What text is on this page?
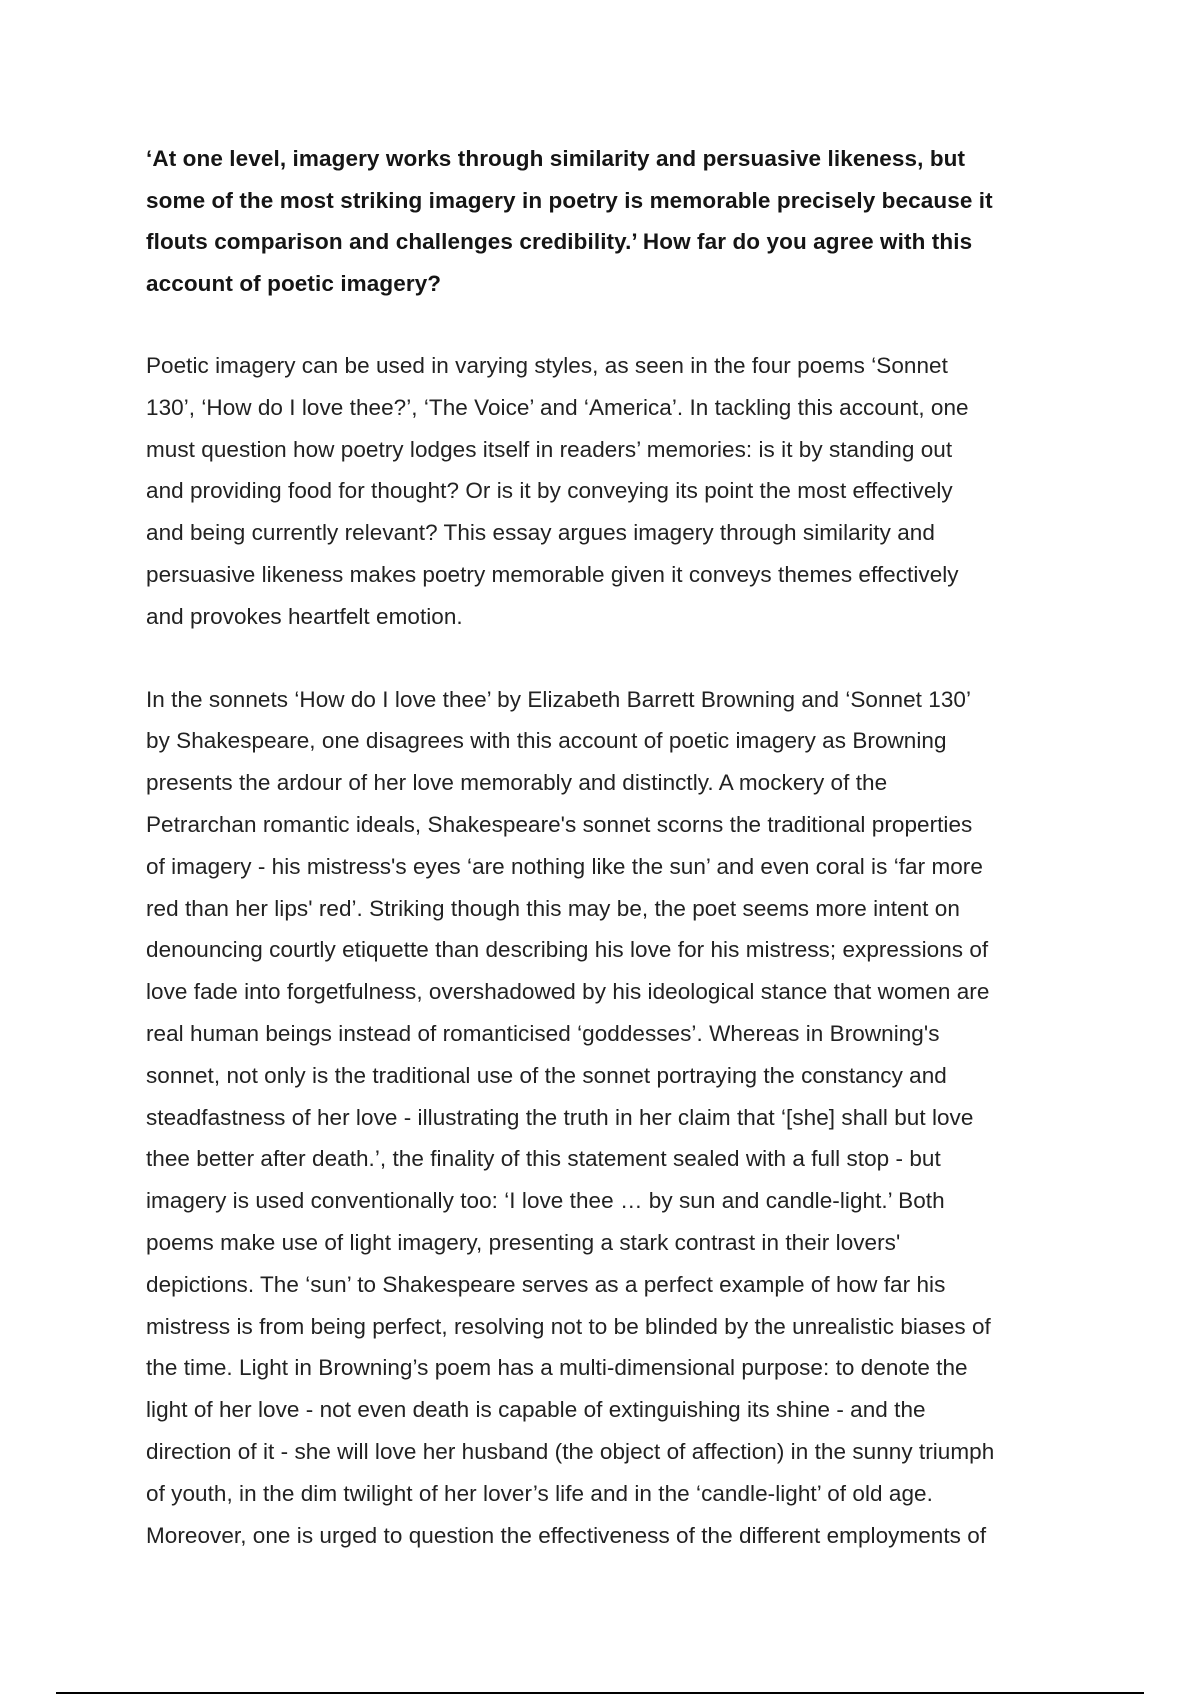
‘At one level, imagery works through similarity and persuasive likeness, but
some of the most striking imagery in poetry is memorable precisely because it
flouts comparison and challenges credibility.’ How far do you agree with this
account of poetic imagery?
Poetic imagery can be used in varying styles, as seen in the four poems ‘Sonnet
130’, ‘How do I love thee?’, ‘The Voice’ and ‘America’. In tackling this account, one
must question how poetry lodges itself in readers’ memories: is it by standing out
and providing food for thought? Or is it by conveying its point the most effectively
and being currently relevant? This essay argues imagery through similarity and
persuasive likeness makes poetry memorable given it conveys themes effectively
and provokes heartfelt emotion.
In the sonnets ‘How do I love thee’ by Elizabeth Barrett Browning and ‘Sonnet 130’
by Shakespeare, one disagrees with this account of poetic imagery as Browning
presents the ardour of her love memorably and distinctly. A mockery of the
Petrarchan romantic ideals, Shakespeare's sonnet scorns the traditional properties
of imagery - his mistress's eyes ‘are nothing like the sun’ and even coral is ‘far more
red than her lips' red’. Striking though this may be, the poet seems more intent on
denouncing courtly etiquette than describing his love for his mistress; expressions of
love fade into forgetfulness, overshadowed by his ideological stance that women are
real human beings instead of romanticised ‘goddesses’. Whereas in Browning's
sonnet, not only is the traditional use of the sonnet portraying the constancy and
steadfastness of her love - illustrating the truth in her claim that ‘[she] shall but love
thee better after death.’, the finality of this statement sealed with a full stop - but
imagery is used conventionally too: ‘I love thee … by sun and candle-light.’ Both
poems make use of light imagery, presenting a stark contrast in their lovers'
depictions. The ‘sun’ to Shakespeare serves as a perfect example of how far his
mistress is from being perfect, resolving not to be blinded by the unrealistic biases of
the time. Light in Browning’s poem has a multi-dimensional purpose: to denote the
light of her love - not even death is capable of extinguishing its shine - and the
direction of it - she will love her husband (the object of affection) in the sunny triumph
of youth, in the dim twilight of her lover’s life and in the ‘candle-light’ of old age.
Moreover, one is urged to question the effectiveness of the different employments of
